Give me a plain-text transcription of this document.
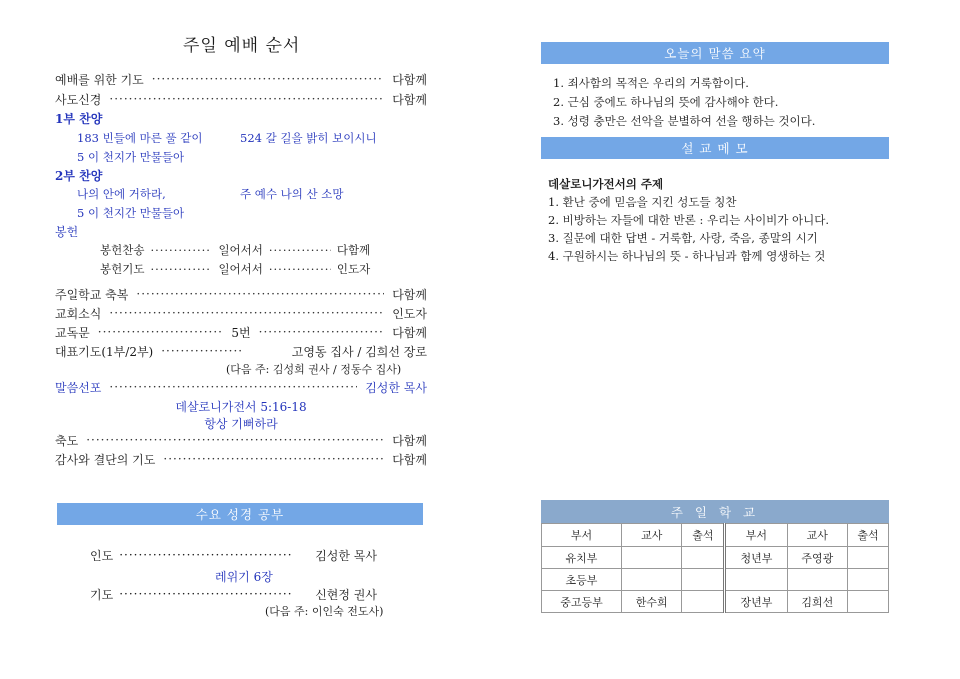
주일 예배 순서
예배를 위한 기도 ·····	다함께
사도신경 ·····	다함께
1부 찬양
183 빈들에 마른 풀 같이	524 갈 길을 밝히 보이시니
5 이 천지가 만물들아
2부 찬양
나의 안에 거하라,	주 예수 나의 산 소망
5 이 천지간 만물들아
봉헌
봉헌찬송 ·····	일어서서 ·····	다함께
봉헌기도 ·····	일어서서 ·····	인도자
주일학교 축복 ·····	다함께
교회소식 ·····	인도자
교독문 ·····	5번 ·····	다함께
대표기도(1부/2부) ·····	고영동 집사 / 김희선 장로
(다음 주: 김성희 권사 / 정동수 집사)
말씀선포 ·····	김성한 목사
데살로니가전서 5:16-18
항상 기뻐하라
축도 ·····	다함께
감사와 결단의 기도 ·····	다함께
수요 성경 공부
인도 ·····	김성한 목사
레위기 6장
기도 ·····	신현정 권사
(다음 주: 이인숙 전도사)
오늘의 말씀 요약
1. 죄사함의 목적은 우리의 거룩함이다.
2. 근심 중에도 하나님의 뜻에 감사해야 한다.
3. 성령 충만은 선악을 분별하여 선을 행하는 것이다.
설 교 메 모
데살로니가전서의 주제
1. 환난 중에 믿음을 지킨 성도들 칭찬
2. 비방하는 자들에 대한 반론 : 우리는 사이비가 아니다.
3. 질문에 대한 답변 - 거룩함, 사랑, 죽음, 종말의 시기
4. 구원하시는 하나님의 뜻 - 하나님과 함께 영생하는 것
주 일 학 교
부서	교사	출석	부서	교사	출석
유치부			청년부	주영광	
초등부					
중고등부	한수희		장년부	김희선	
